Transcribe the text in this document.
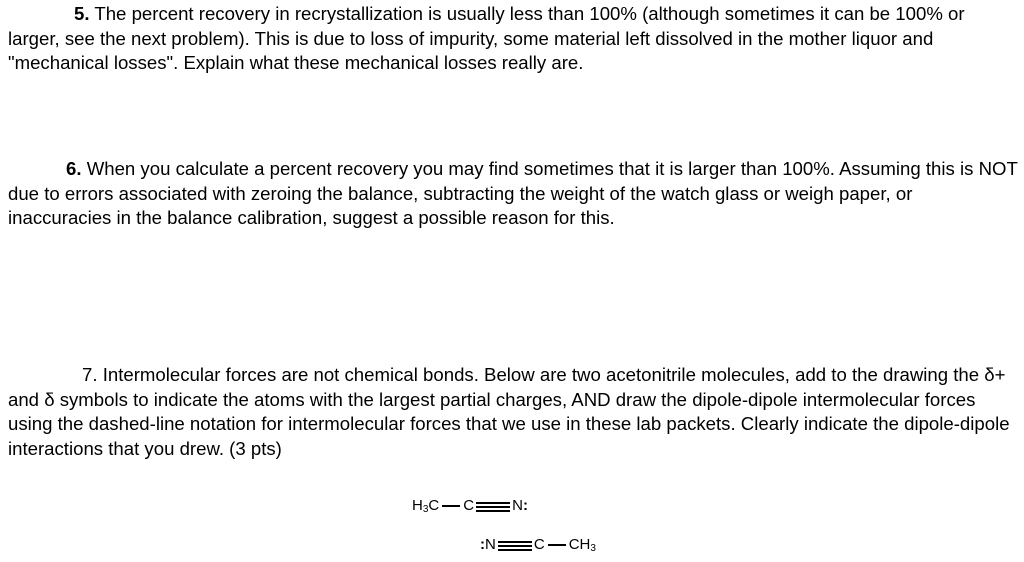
5. The percent recovery in recrystallization is usually less than 100% (although sometimes it can be 100% or larger, see the next problem). This is due to loss of impurity, some material left dissolved in the mother liquor and "mechanical losses". Explain what these mechanical losses really are.
6. When you calculate a percent recovery you may find sometimes that it is larger than 100%. Assuming this is NOT due to errors associated with zeroing the balance, subtracting the weight of the watch glass or weigh paper, or inaccuracies in the balance calibration, suggest a possible reason for this.
7. Intermolecular forces are not chemical bonds. Below are two acetonitrile molecules, add to the drawing the δ+ and δ symbols to indicate the atoms with the largest partial charges, AND draw the dipole-dipole intermolecular forces using the dashed-line notation for intermolecular forces that we use in these lab packets. Clearly indicate the dipole-dipole interactions that you drew. (3 pts)
$H_3C$ C	N:
:N	C $CH_3$
